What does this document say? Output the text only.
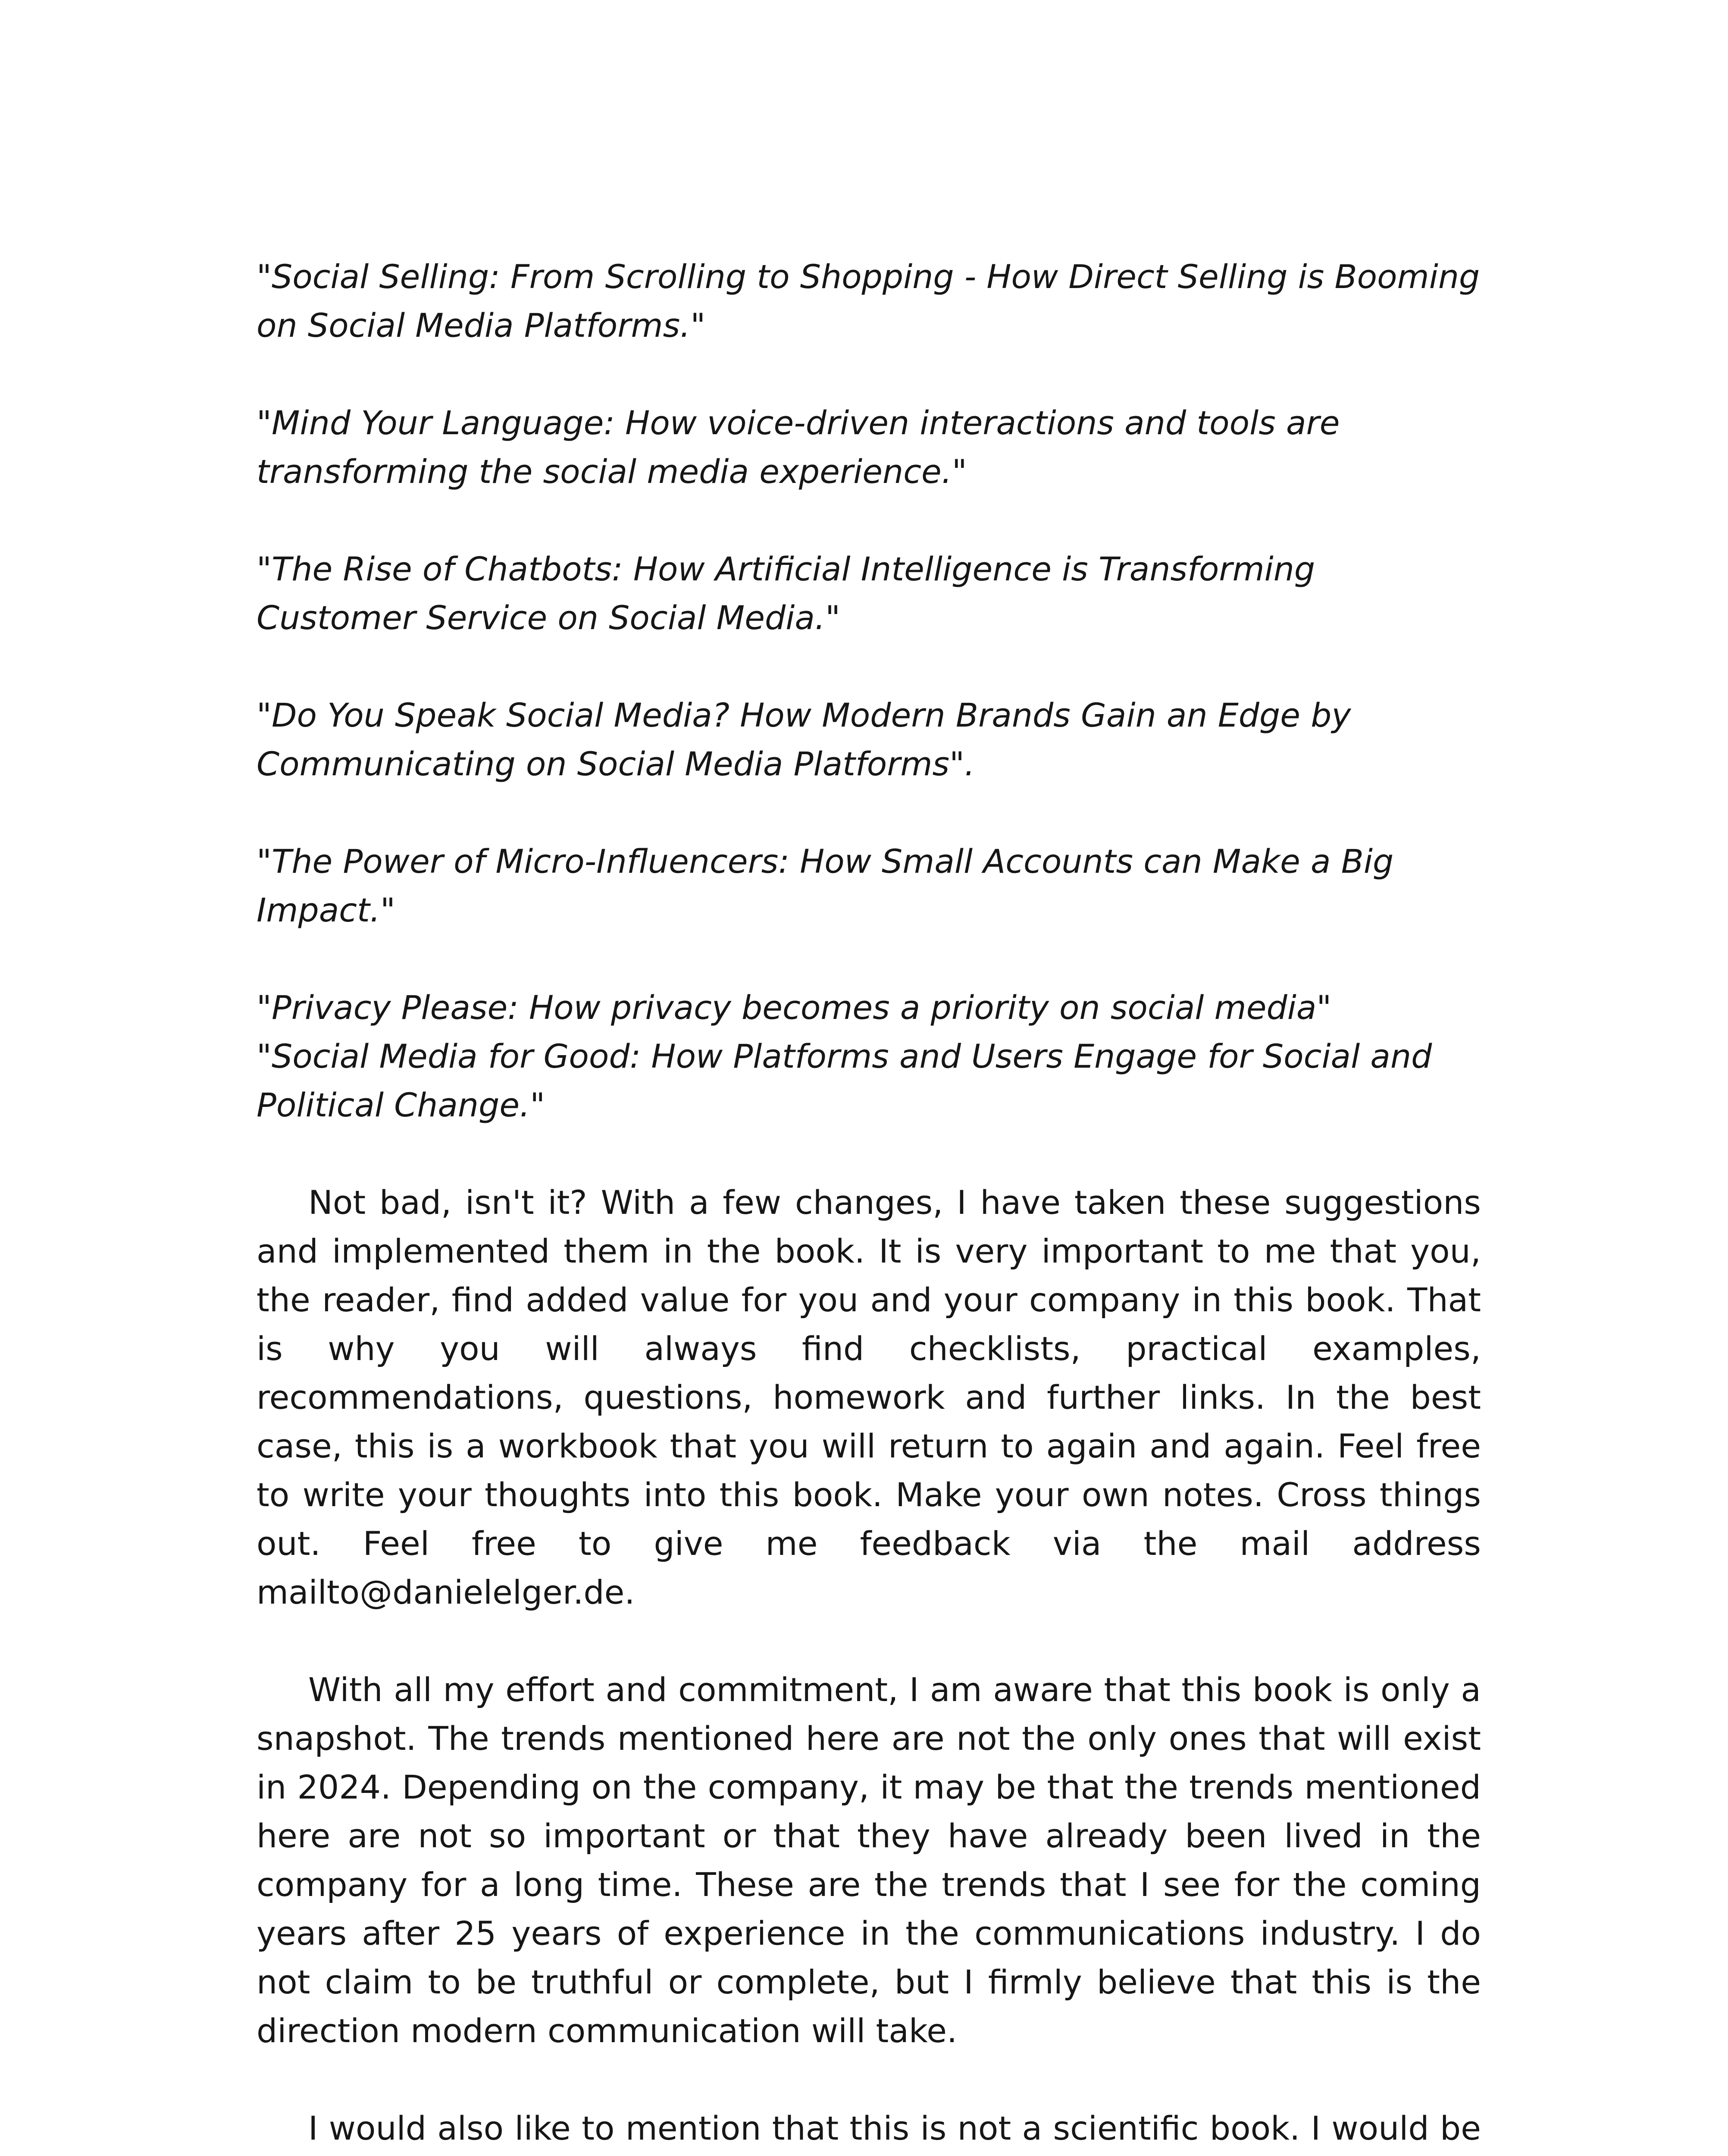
"Social Selling: From Scrolling to Shopping - How Direct Selling is Booming on Social Media Platforms."

"Mind Your Language: How voice-driven interactions and tools are transforming the social media experience."

"The Rise of Chatbots: How Artificial Intelligence is Transforming Customer Service on Social Media."

"Do You Speak Social Media? How Modern Brands Gain an Edge by Communicating on Social Media Platforms".

"The Power of Micro-Influencers: How Small Accounts can Make a Big Impact."

"Privacy Please: How privacy becomes a priority on social media"

"Social Media for Good: How Platforms and Users Engage for Social and Political Change."

Not bad, isn't it? With a few changes, I have taken these suggestions and implemented them in the book. It is very important to me that you, the reader, find added value for you and your company in this book. That is why you will always find checklists, practical examples, recommendations, questions, homework and further links. In the best case, this is a workbook that you will return to again and again. Feel free to write your thoughts into this book. Make your own notes. Cross things out. Feel free to give me feedback via the mail address mailto@danielelger.de.

With all my effort and commitment, I am aware that this book is only a snapshot. The trends mentioned here are not the only ones that will exist in 2024. Depending on the company, it may be that the trends mentioned here are not so important or that they have already been lived in the company for a long time. These are the trends that I see for the coming years after 25 years of experience in the communications industry. I do not claim to be truthful or complete, but I firmly believe that this is the direction modern communication will take.

I would also like to mention that this is not a scientific book. I would be
